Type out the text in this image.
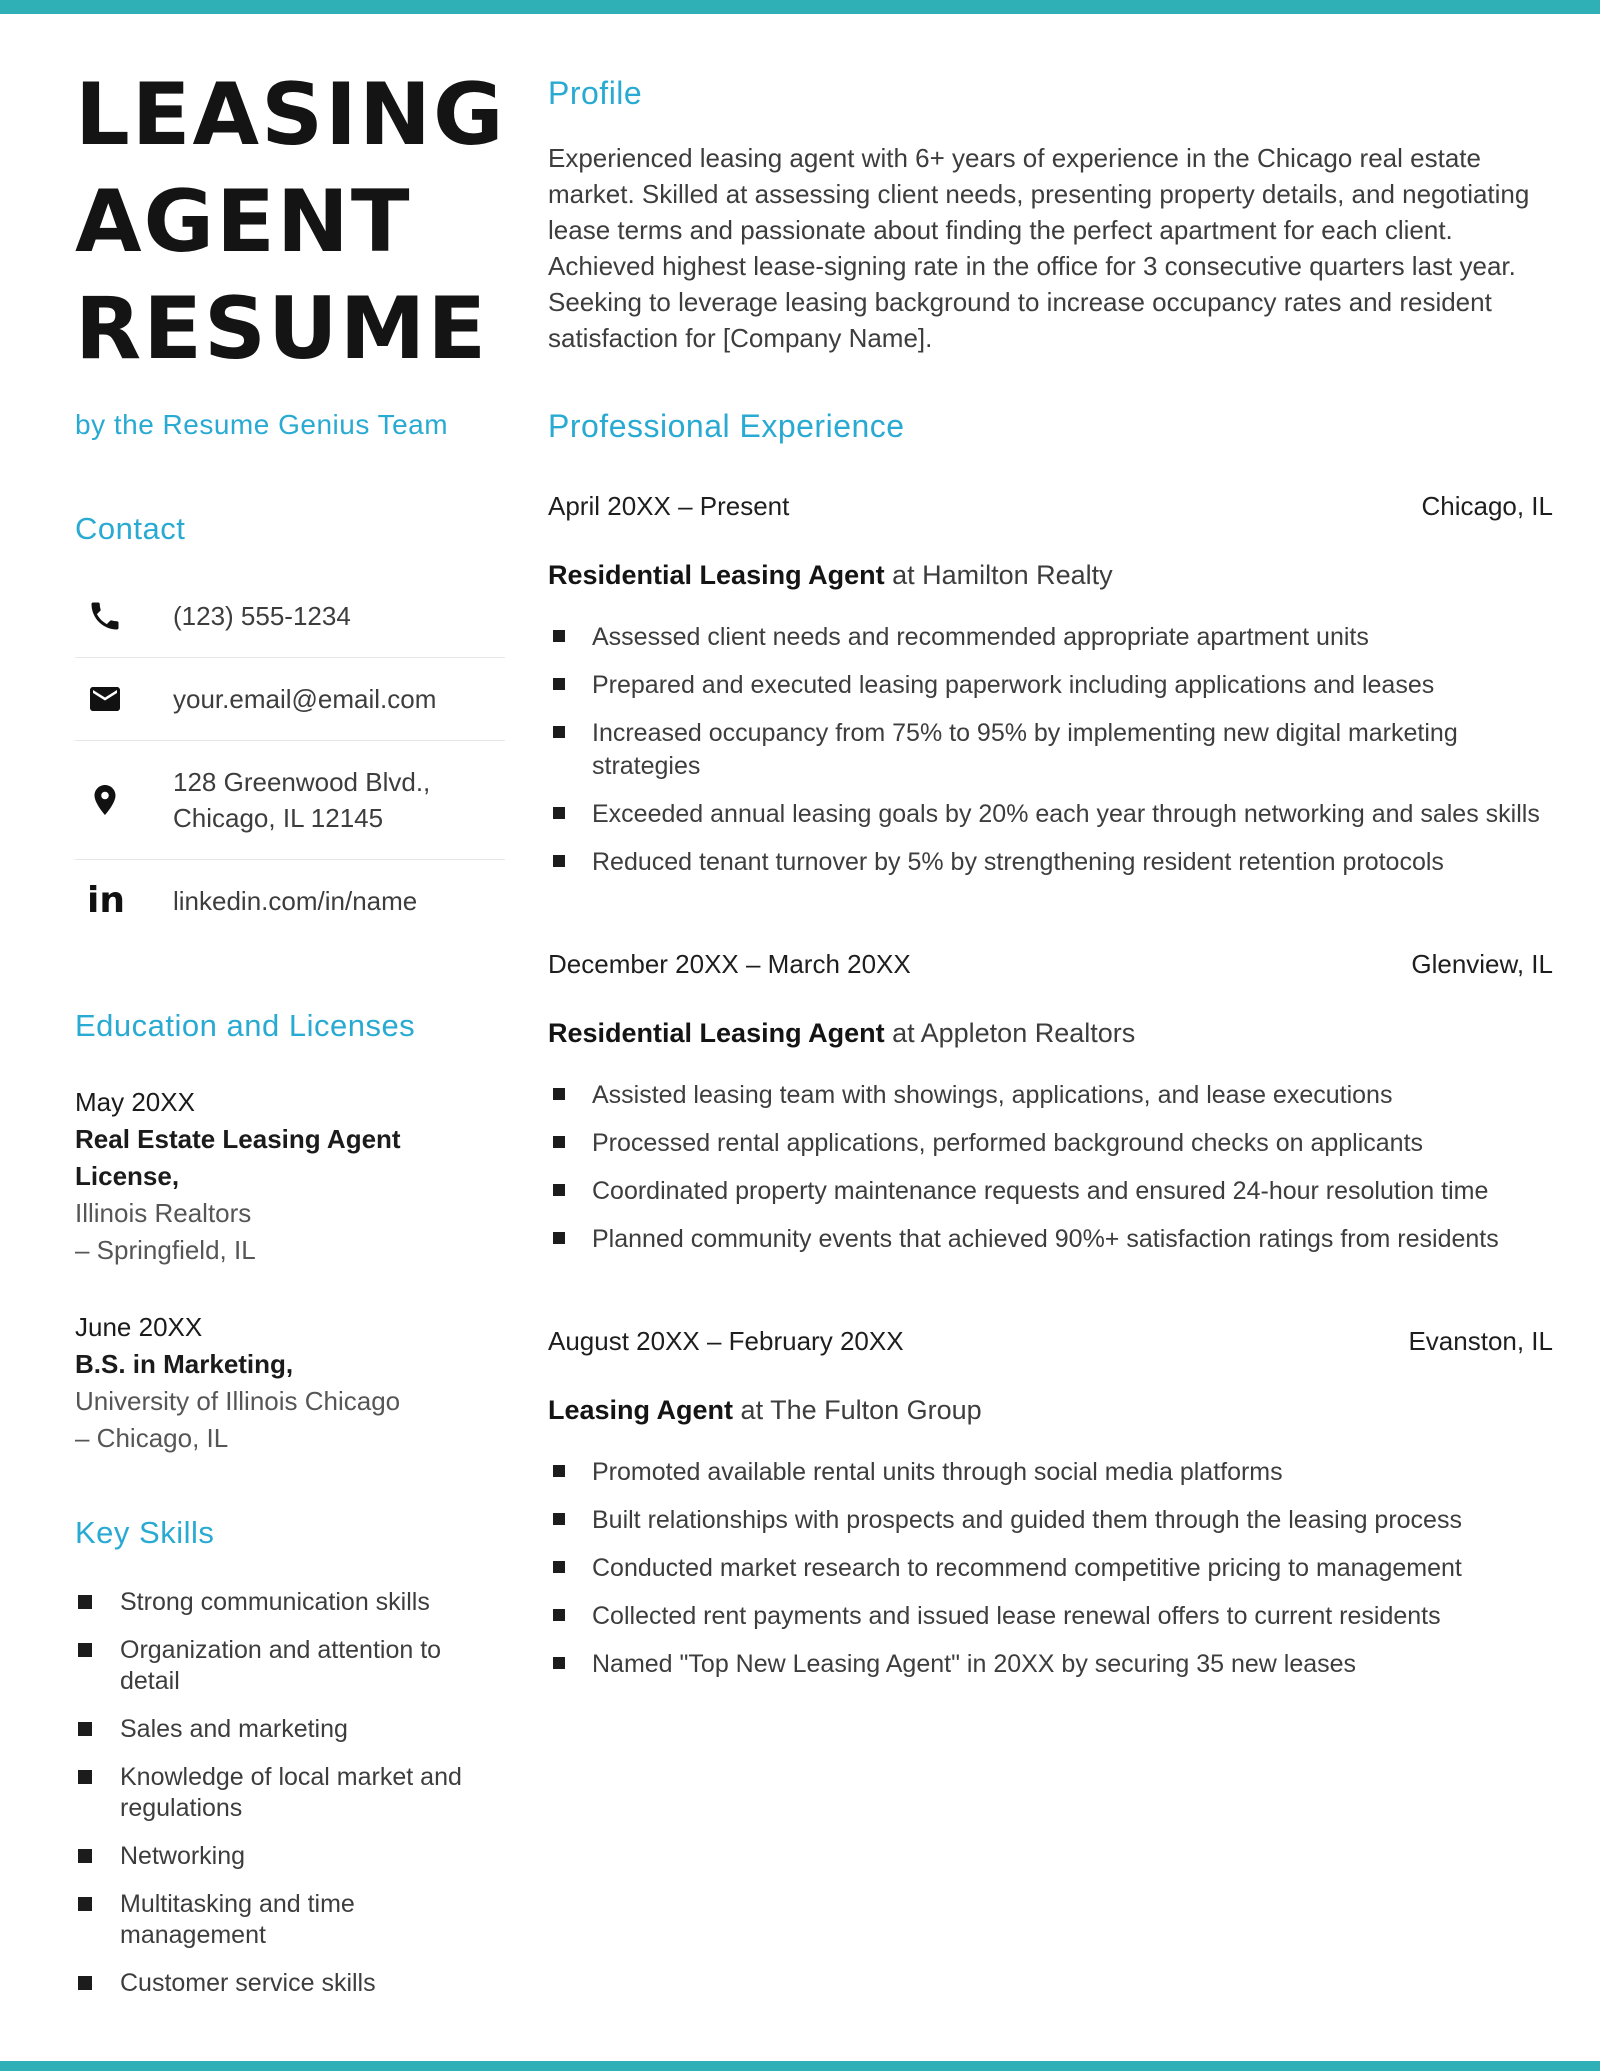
LEASING
AGENT
RESUME
by the Resume Genius Team
Contact
(123) 555-1234
your.email@email.com
128 Greenwood Blvd.,
Chicago, IL 12145
in linkedin.com/in/name
Education and Licenses
May 20XX
Real Estate Leasing Agent License,
Illinois Realtors
– Springfield, IL
June 20XX
B.S. in Marketing,
University of Illinois Chicago
– Chicago, IL
Key Skills
Strong communication skills
Organization and attention to detail
Sales and marketing
Knowledge of local market and regulations
Networking
Multitasking and time management
Customer service skills
Profile
Experienced leasing agent with 6+ years of experience in the Chicago real estate market. Skilled at assessing client needs, presenting property details, and negotiating lease terms and passionate about finding the perfect apartment for each client. Achieved highest lease-signing rate in the office for 3 consecutive quarters last year. Seeking to leverage leasing background to increase occupancy rates and resident satisfaction for [Company Name].
Professional Experience
April 20XX – Present	Chicago, IL
Residential Leasing Agent at Hamilton Realty
Assessed client needs and recommended appropriate apartment units
Prepared and executed leasing paperwork including applications and leases
Increased occupancy from 75% to 95% by implementing new digital marketing strategies
Exceeded annual leasing goals by 20% each year through networking and sales skills
Reduced tenant turnover by 5% by strengthening resident retention protocols
December 20XX – March 20XX	Glenview, IL
Residential Leasing Agent at Appleton Realtors
Assisted leasing team with showings, applications, and lease executions
Processed rental applications, performed background checks on applicants
Coordinated property maintenance requests and ensured 24-hour resolution time
Planned community events that achieved 90%+ satisfaction ratings from residents
August 20XX – February 20XX	Evanston, IL
Leasing Agent at The Fulton Group
Promoted available rental units through social media platforms
Built relationships with prospects and guided them through the leasing process
Conducted market research to recommend competitive pricing to management
Collected rent payments and issued lease renewal offers to current residents
Named "Top New Leasing Agent" in 20XX by securing 35 new leases
